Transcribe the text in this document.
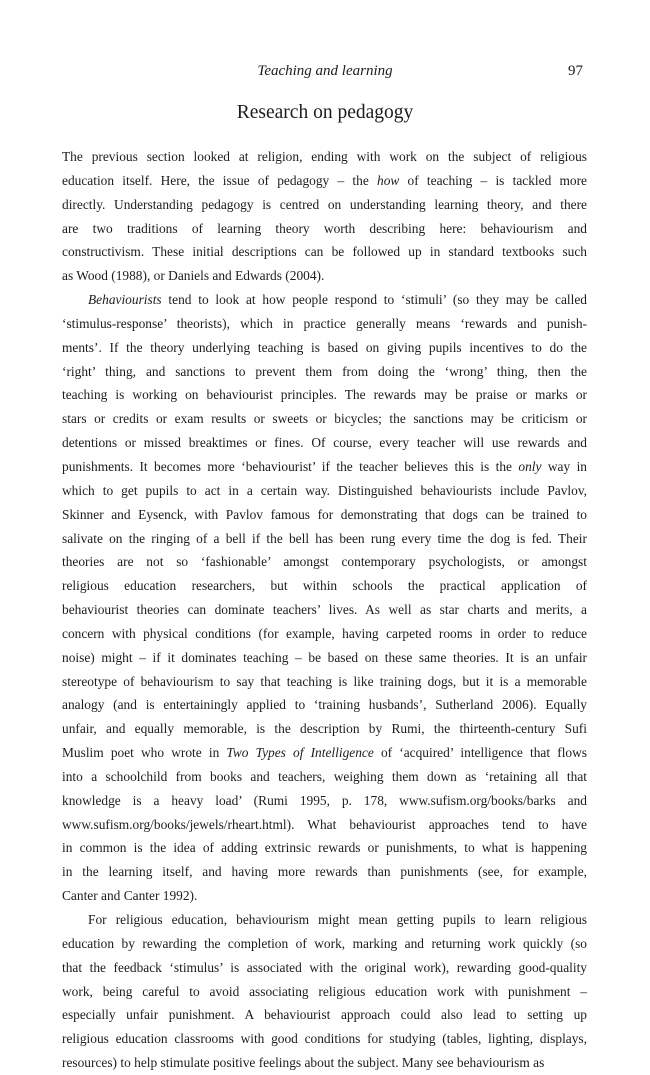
Teaching and learning	97
Research on pedagogy

The previous section looked at religion, ending with work on the subject of religious
education itself. Here, the issue of pedagogy – the how of teaching – is tackled more
directly. Understanding pedagogy is centred on understanding learning theory, and there
are two traditions of learning theory worth describing here: behaviourism and
constructivism. These initial descriptions can be followed up in standard textbooks such
as Wood (1988), or Daniels and Edwards (2004).

Behaviourists tend to look at how people respond to ‘stimuli’ (so they may be called
‘stimulus-response’ theorists), which in practice generally means ‘rewards and punish-
ments’. If the theory underlying teaching is based on giving pupils incentives to do the
‘right’ thing, and sanctions to prevent them from doing the ‘wrong’ thing, then the
teaching is working on behaviourist principles. The rewards may be praise or marks or
stars or credits or exam results or sweets or bicycles; the sanctions may be criticism or
detentions or missed breaktimes or fines. Of course, every teacher will use rewards and
punishments. It becomes more ‘behaviourist’ if the teacher believes this is the only way in
which to get pupils to act in a certain way. Distinguished behaviourists include Pavlov,
Skinner and Eysenck, with Pavlov famous for demonstrating that dogs can be trained to
salivate on the ringing of a bell if the bell has been rung every time the dog is fed. Their
theories are not so ‘fashionable’ amongst contemporary psychologists, or amongst
religious education researchers, but within schools the practical application of
behaviourist theories can dominate teachers’ lives. As well as star charts and merits, a
concern with physical conditions (for example, having carpeted rooms in order to reduce
noise) might – if it dominates teaching – be based on these same theories. It is an unfair
stereotype of behaviourism to say that teaching is like training dogs, but it is a memorable
analogy (and is entertainingly applied to ‘training husbands’, Sutherland 2006). Equally
unfair, and equally memorable, is the description by Rumi, the thirteenth-century Sufi
Muslim poet who wrote in Two Types of Intelligence of ‘acquired’ intelligence that flows
into a schoolchild from books and teachers, weighing them down as ‘retaining all that
knowledge is a heavy load’ (Rumi 1995, p. 178, www.sufism.org/books/barks and
www.sufism.org/books/jewels/rheart.html). What behaviourist approaches tend to have
in common is the idea of adding extrinsic rewards or punishments, to what is happening
in the learning itself, and having more rewards than punishments (see, for example,
Canter and Canter 1992).

For religious education, behaviourism might mean getting pupils to learn religious
education by rewarding the completion of work, marking and returning work quickly (so
that the feedback ‘stimulus’ is associated with the original work), rewarding good-quality
work, being careful to avoid associating religious education work with punishment –
especially unfair punishment. A behaviourist approach could also lead to setting up
religious education classrooms with good conditions for studying (tables, lighting, displays,
resources) to help stimulate positive feelings about the subject. Many see behaviourism as
